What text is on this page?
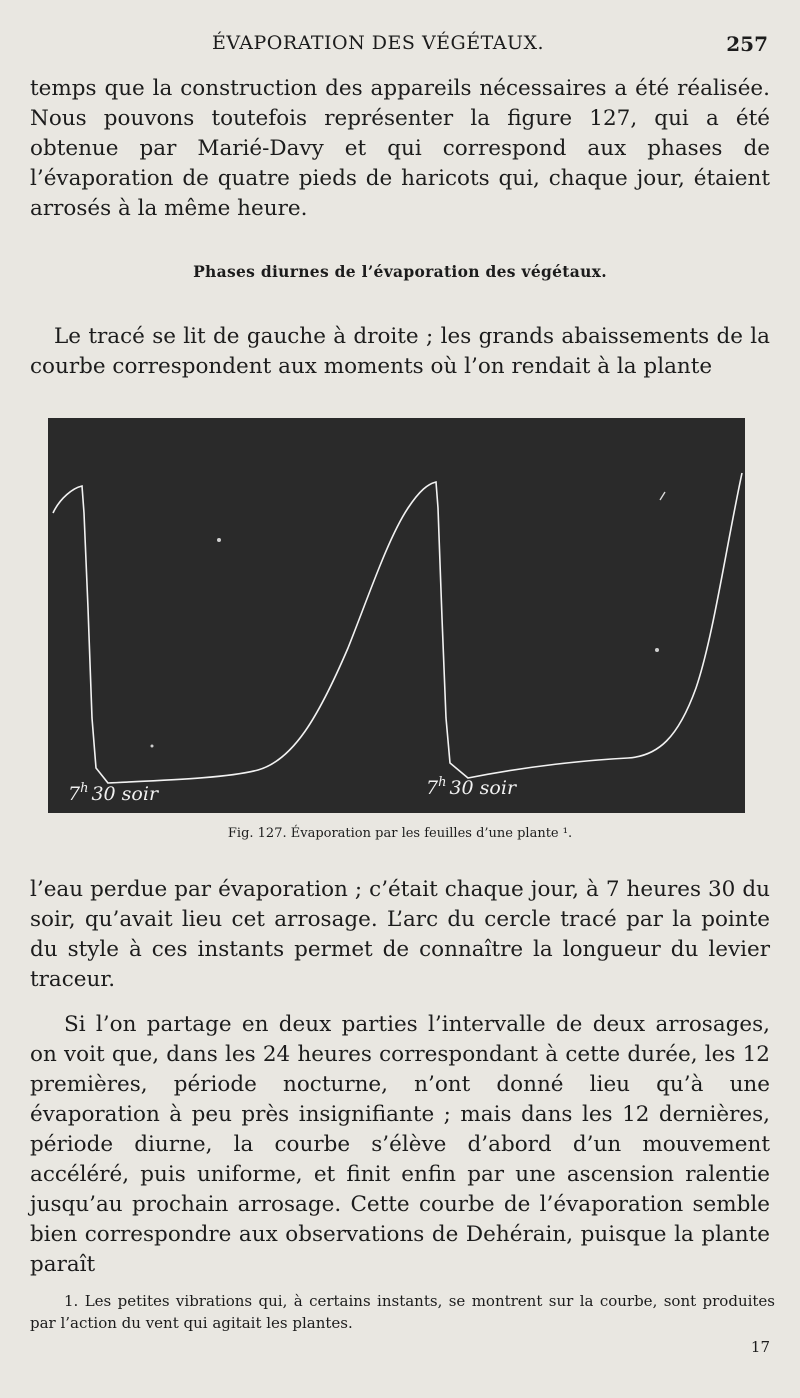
ÉVAPORATION DES VÉGÉTAUX.	257
temps que la construction des appareils nécessaires a été réalisée. Nous pouvons toutefois représenter la figure 127, qui a été obtenue par Marié-Davy et qui correspond aux phases de l’évaporation de quatre pieds de haricots qui, chaque jour, étaient arrosés à la même heure.
Phases diurnes de l’évaporation des végétaux.
Le tracé se lit de gauche à droite ; les grands abaissements de la courbe correspondent aux moments où l’on rendait à la plante
7$^h$ 30 soir	7$^h$ 30 soir
Fig. 127. Évaporation par les feuilles d’une plante ¹.
l’eau perdue par évaporation ; c’était chaque jour, à 7 heures 30 du soir, qu’avait lieu cet arrosage. L’arc du cercle tracé par la pointe du style à ces instants permet de connaître la longueur du levier traceur.
Si l’on partage en deux parties l’intervalle de deux arrosages, on voit que, dans les 24 heures correspondant à cette durée, les 12 premières, période nocturne, n’ont donné lieu qu’à une évaporation à peu près insignifiante ; mais dans les 12 dernières, période diurne, la courbe s’élève d’abord d’un mouvement accéléré, puis uniforme, et finit enfin par une ascension ralentie jusqu’au prochain arrosage. Cette courbe de l’évaporation semble bien correspondre aux observations de Dehérain, puisque la plante paraît
1. Les petites vibrations qui, à certains instants, se montrent sur la courbe, sont produites par l’action du vent qui agitait les plantes.
17
